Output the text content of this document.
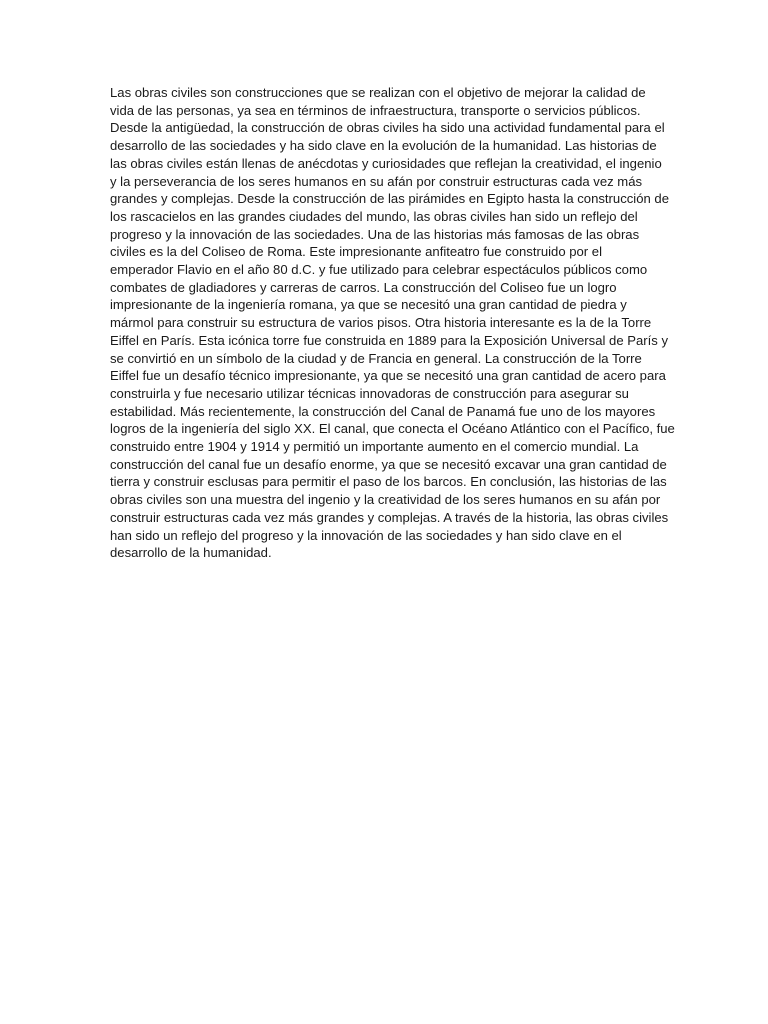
Las obras civiles son construcciones que se realizan con el objetivo de mejorar la calidad de
vida de las personas, ya sea en términos de infraestructura, transporte o servicios públicos.
Desde la antigüedad, la construcción de obras civiles ha sido una actividad fundamental para el
desarrollo de las sociedades y ha sido clave en la evolución de la humanidad. Las historias de
las obras civiles están llenas de anécdotas y curiosidades que reflejan la creatividad, el ingenio
y la perseverancia de los seres humanos en su afán por construir estructuras cada vez más
grandes y complejas. Desde la construcción de las pirámides en Egipto hasta la construcción de
los rascacielos en las grandes ciudades del mundo, las obras civiles han sido un reflejo del
progreso y la innovación de las sociedades. Una de las historias más famosas de las obras
civiles es la del Coliseo de Roma. Este impresionante anfiteatro fue construido por el
emperador Flavio en el año 80 d.C. y fue utilizado para celebrar espectáculos públicos como
combates de gladiadores y carreras de carros. La construcción del Coliseo fue un logro
impresionante de la ingeniería romana, ya que se necesitó una gran cantidad de piedra y
mármol para construir su estructura de varios pisos. Otra historia interesante es la de la Torre
Eiffel en París. Esta icónica torre fue construida en 1889 para la Exposición Universal de París y
se convirtió en un símbolo de la ciudad y de Francia en general. La construcción de la Torre
Eiffel fue un desafío técnico impresionante, ya que se necesitó una gran cantidad de acero para
construirla y fue necesario utilizar técnicas innovadoras de construcción para asegurar su
estabilidad. Más recientemente, la construcción del Canal de Panamá fue uno de los mayores
logros de la ingeniería del siglo XX. El canal, que conecta el Océano Atlántico con el Pacífico, fue
construido entre 1904 y 1914 y permitió un importante aumento en el comercio mundial. La
construcción del canal fue un desafío enorme, ya que se necesitó excavar una gran cantidad de
tierra y construir esclusas para permitir el paso de los barcos. En conclusión, las historias de las
obras civiles son una muestra del ingenio y la creatividad de los seres humanos en su afán por
construir estructuras cada vez más grandes y complejas. A través de la historia, las obras civiles
han sido un reflejo del progreso y la innovación de las sociedades y han sido clave en el
desarrollo de la humanidad.
